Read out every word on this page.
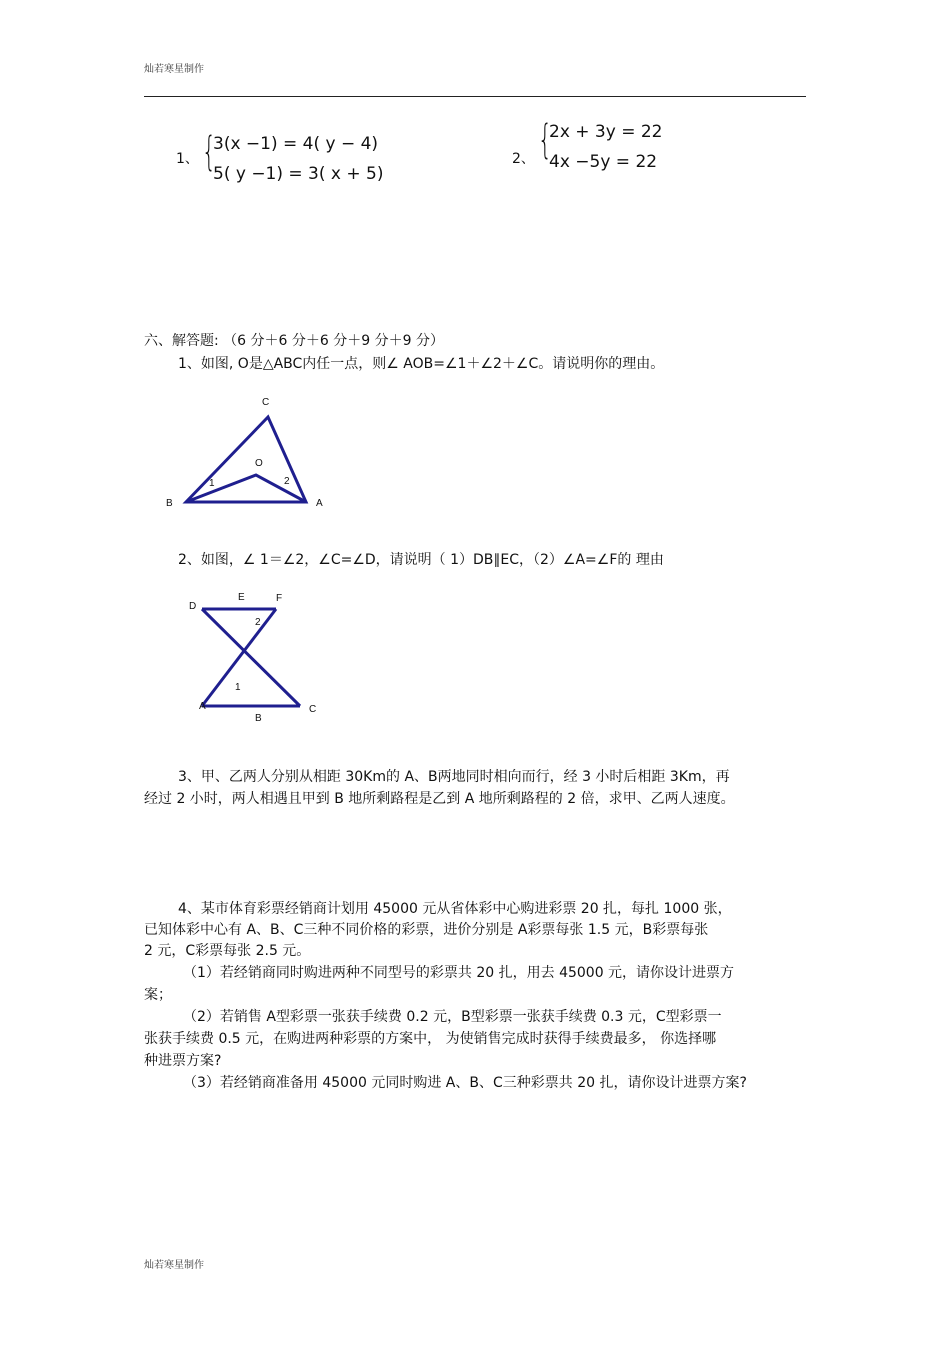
灿若寒星制作
1、 {
3(x −1) = 4( y − 4)
5( y −1) = 3( x + 5)
2、 {
2x + 3y = 22
4x −5y = 22
六、解答题: （6 分＋6 分＋6 分＋9 分＋9 分）
1、如图, O是△ABC内任一点，则∠ AOB=∠1＋∠2＋∠C。请说明你的理由。
C
B	A
O
1	2
2、如图，∠ 1＝∠2，∠C=∠D，请说明（ 1）DB∥EC，（2）∠A=∠F的 理由
D
E	F
A
B
C
2
1
3、甲、乙两人分别从相距 30Km的 A、B两地同时相向而行，经 3 小时后相距 3Km，再
经过 2 小时，两人相遇且甲到 B 地所剩路程是乙到 A 地所剩路程的 2 倍，求甲、乙两人速度。
4、某市体育彩票经销商计划用 45000 元从省体彩中心购进彩票 20 扎，每扎 1000 张，
已知体彩中心有 A、B、C三种不同价格的彩票，进价分别是 A彩票每张 1.5 元，B彩票每张
2 元，C彩票每张 2.5 元。
（1）若经销商同时购进两种不同型号的彩票共 20 扎，用去 45000 元，请你设计进票方
案；
（2）若销售 A型彩票一张获手续费 0.2 元，B型彩票一张获手续费 0.3 元，C型彩票一
张获手续费 0.5 元，在购进两种彩票的方案中， 为使销售完成时获得手续费最多， 你选择哪
种进票方案?
（3）若经销商准备用 45000 元同时购进 A、B、C三种彩票共 20 扎，请你设计进票方案?
灿若寒星制作
